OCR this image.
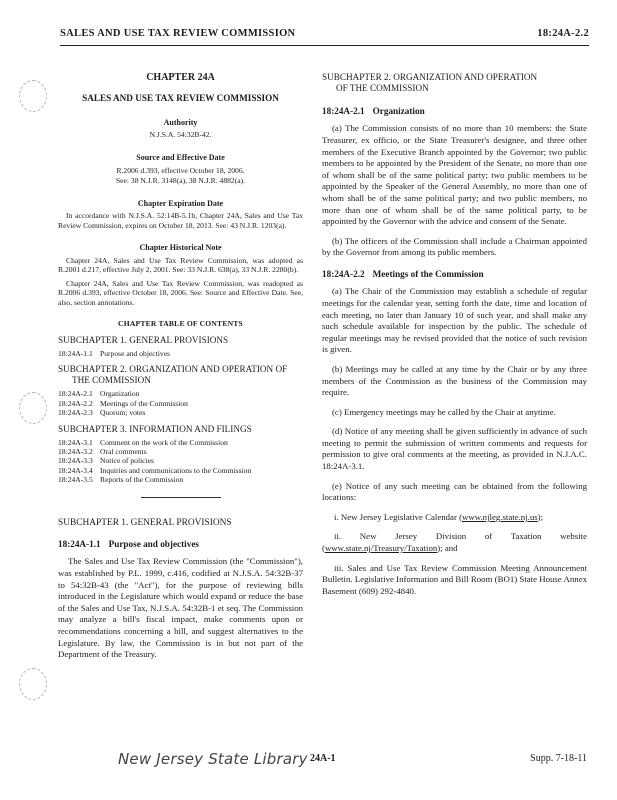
SALES AND USE TAX REVIEW COMMISSION	18:24A-2.2
CHAPTER 24A
SALES AND USE TAX REVIEW COMMISSION
Authority

N.J.S.A. 54:32B-42.

Source and Effective Date

R.2006 d.393, effective October 18, 2006.

See: 38 N.J.R. 3148(a), 38 N.J.R. 4882(a).

Chapter Expiration Date

In accordance with N.J.S.A. 52:14B-5.1b, Chapter 24A, Sales and Use Tax Review Commission, expires on October 18, 2013. See: 43 N.J.R. 1203(a).

Chapter Historical Note

Chapter 24A, Sales and Use Tax Review Commission, was adopted as R.2001 d.217, effective July 2, 2001. See: 33 N.J.R. 638(a), 33 N.J.R. 2280(b).

Chapter 24A, Sales and Use Tax Review Commission, was readopted as R.2006 d.393, effective October 18, 2006. See: Source and Effective Date. See, also, section annotations.

CHAPTER TABLE OF CONTENTS
SUBCHAPTER 1. GENERAL PROVISIONS
18:24A-1.1 Purpose and objectives
SUBCHAPTER 2. ORGANIZATION AND OPERATION OF
THE COMMISSION
18:24A-2.1 Organization
18:24A-2.2 Meetings of the Commission
18:24A-2.3 Quorum; votes
SUBCHAPTER 3. INFORMATION AND FILINGS
18:24A-3.1 Comment on the work of the Commission
18:24A-3.2 Oral comments
18:24A-3.3 Notice of policies
18:24A-3.4 Inquiries and communications to the Commission
18:24A-3.5 Reports of the Commission
SUBCHAPTER 1. GENERAL PROVISIONS
18:24A-1.1 Purpose and objectives

The Sales and Use Tax Review Commission (the "Commission"), was established by P.L. 1999, c.416, codified at N.J.S.A. 54:32B-37 to 54:32B-43 (the "Act"), for the purpose of reviewing bills introduced in the Legislature which would expand or reduce the base of the Sales and Use Tax, N.J.S.A. 54:32B-1 et seq. The Commission may analyze a bill's fiscal impact, make comments upon or recommendations concerning a bill, and suggest alternatives to the Legislature. By law, the Commission is in but not part of the Department of the Treasury.

SUBCHAPTER 2. ORGANIZATION AND OPERATION
OF THE COMMISSION
18:24A-2.1 Organization

(a) The Commission consists of no more than 10 members: the State Treasurer, ex officio, or the State Treasurer's designee, and three other members of the Executive Branch appointed by the Governor; two public members to be appointed by the President of the Senate, no more than one of whom shall be of the same political party; two public members to be appointed by the Speaker of the General Assembly, no more than one of whom shall be of the same political party; and two public members, no more than one of whom shall be of the same political party, to be appointed by the Governor with the advice and consent of the Senate.

(b) The officers of the Commission shall include a Chairman appointed by the Governor from among its public members.

18:24A-2.2 Meetings of the Commission

(a) The Chair of the Commission may establish a schedule of regular meetings for the calendar year, setting forth the date, time and location of each meeting, no later than January 10 of such year, and shall make any such schedule available for inspection by the public. The schedule of regular meetings may be revised provided that the notice of such revision is given.

(b) Meetings may be called at any time by the Chair or by any three members of the Commission as the business of the Commission may require.

(c) Emergency meetings may be called by the Chair at anytime.

(d) Notice of any meeting shall be given sufficiently in advance of such meeting to permit the submission of written comments and requests for permission to give oral comments at the meeting, as provided in N.J.A.C. 18:24A-3.1.

(e) Notice of any such meeting can be obtained from the following locations:

i. New Jersey Legislative Calendar (www.njleg.state.nj.us);

ii. New Jersey Division of Taxation website (www.state.nj/Treasury/Taxation); and

iii. Sales and Use Tax Review Commission Meeting Announcement Bulletin. Legislative Information and Bill Room (BO1) State House Annex Basement (609) 292-4840.

New Jersey State Library 24A-1	Supp. 7-18-11
